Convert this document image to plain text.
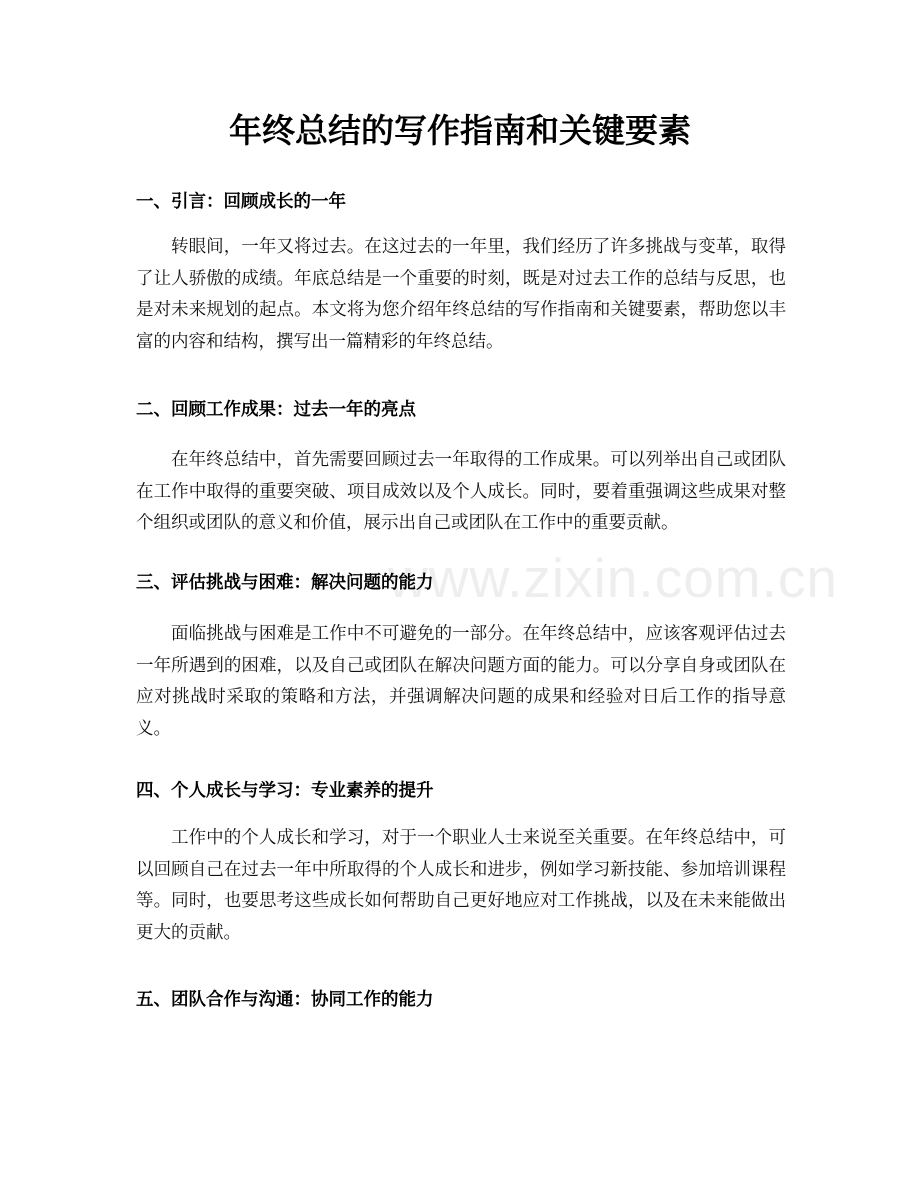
www.zixin.com.cn
年终总结的写作指南和关键要素
一、引言：回顾成长的一年

转眼间，一年又将过去。在这过去的一年里，我们经历了许多挑战与变革，取得了让人骄傲的成绩。年底总结是一个重要的时刻，既是对过去工作的总结与反思，也是对未来规划的起点。本文将为您介绍年终总结的写作指南和关键要素，帮助您以丰富的内容和结构，撰写出一篇精彩的年终总结。

二、回顾工作成果：过去一年的亮点

在年终总结中，首先需要回顾过去一年取得的工作成果。可以列举出自己或团队在工作中取得的重要突破、项目成效以及个人成长。同时，要着重强调这些成果对整个组织或团队的意义和价值，展示出自己或团队在工作中的重要贡献。

三、评估挑战与困难：解决问题的能力

面临挑战与困难是工作中不可避免的一部分。在年终总结中，应该客观评估过去一年所遇到的困难，以及自己或团队在解决问题方面的能力。可以分享自身或团队在应对挑战时采取的策略和方法，并强调解决问题的成果和经验对日后工作的指导意义。

四、个人成长与学习：专业素养的提升

工作中的个人成长和学习，对于一个职业人士来说至关重要。在年终总结中，可以回顾自己在过去一年中所取得的个人成长和进步，例如学习新技能、参加培训课程等。同时，也要思考这些成长如何帮助自己更好地应对工作挑战，以及在未来能做出更大的贡献。

五、团队合作与沟通：协同工作的能力
